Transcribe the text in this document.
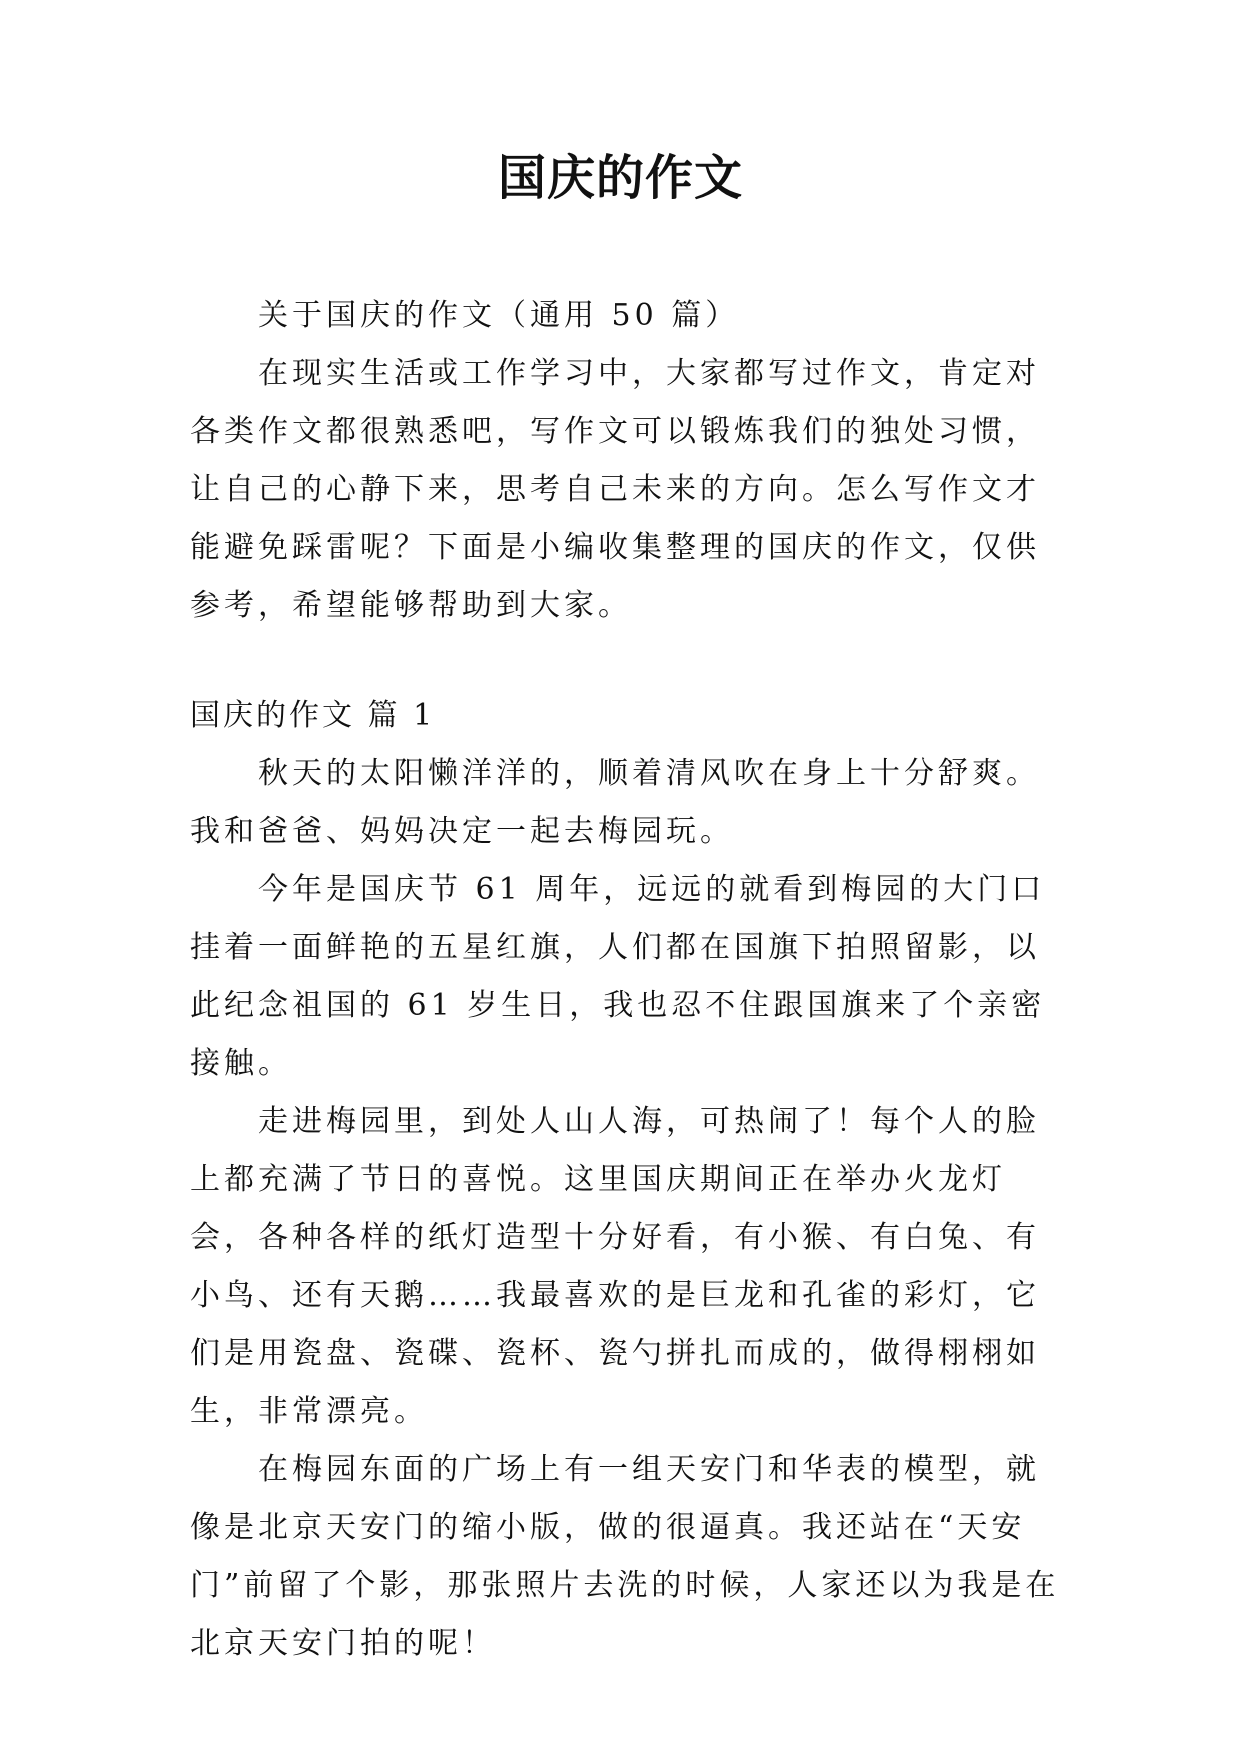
国庆的作文

关于国庆的作文（通用 50 篇）

在现实生活或工作学习中，大家都写过作文，肯定对各类作文都很熟悉吧，写作文可以锻炼我们的独处习惯，让自己的心静下来，思考自己未来的方向。怎么写作文才能避免踩雷呢？下面是小编收集整理的国庆的作文，仅供参考，希望能够帮助到大家。

国庆的作文 篇 1

秋天的太阳懒洋洋的，顺着清风吹在身上十分舒爽。我和爸爸、妈妈决定一起去梅园玩。

今年是国庆节 61 周年，远远的就看到梅园的大门口挂着一面鲜艳的五星红旗，人们都在国旗下拍照留影，以此纪念祖国的 61 岁生日，我也忍不住跟国旗来了个亲密接触。

走进梅园里，到处人山人海，可热闹了！每个人的脸上都充满了节日的喜悦。这里国庆期间正在举办火龙灯会，各种各样的纸灯造型十分好看，有小猴、有白兔、有小鸟、还有天鹅……我最喜欢的是巨龙和孔雀的彩灯，它们是用瓷盘、瓷碟、瓷杯、瓷勺拼扎而成的，做得栩栩如生，非常漂亮。

在梅园东面的广场上有一组天安门和华表的模型，就像是北京天安门的缩小版，做的很逼真。我还站在“天安门”前留了个影，那张照片去洗的时候，人家还以为我是在北京天安门拍的呢！
